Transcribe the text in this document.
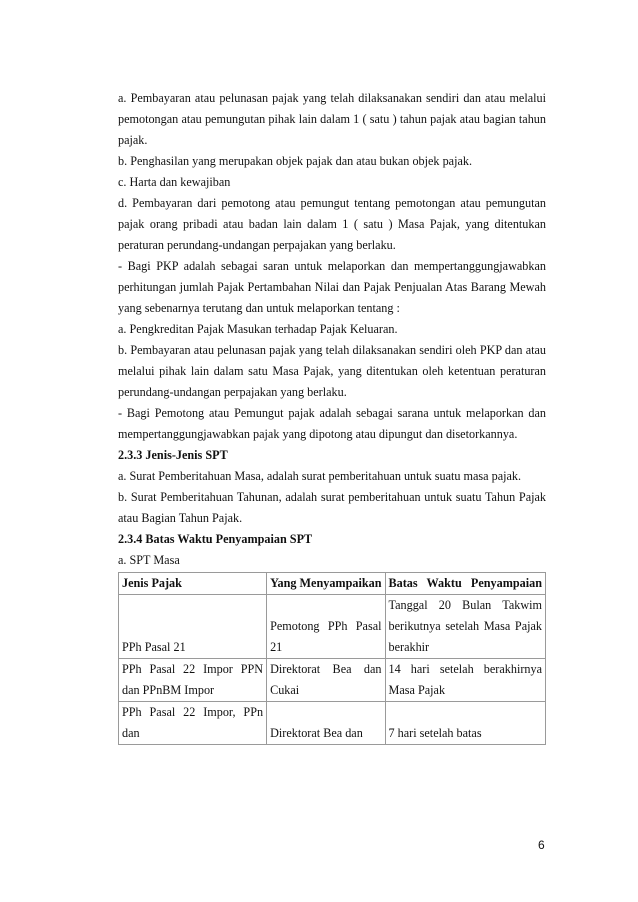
a. Pembayaran atau pelunasan pajak yang telah dilaksanakan sendiri dan atau melalui pemotongan atau pemungutan pihak lain dalam 1 ( satu ) tahun pajak atau bagian tahun pajak.

b. Penghasilan yang merupakan objek pajak dan atau bukan objek pajak.

c. Harta dan kewajiban

d. Pembayaran dari pemotong atau pemungut tentang pemotongan atau pemungutan pajak orang pribadi atau badan lain dalam 1 ( satu ) Masa Pajak, yang ditentukan peraturan perundang-undangan perpajakan yang berlaku.

- Bagi PKP adalah sebagai saran untuk melaporkan dan mempertanggungjawabkan perhitungan jumlah Pajak Pertambahan Nilai dan Pajak Penjualan Atas Barang Mewah yang sebenarnya terutang dan untuk melaporkan tentang :

a. Pengkreditan Pajak Masukan terhadap Pajak Keluaran.

b. Pembayaran atau pelunasan pajak yang telah dilaksanakan sendiri oleh PKP dan atau melalui pihak lain dalam satu Masa Pajak, yang ditentukan oleh ketentuan peraturan perundang-undangan perpajakan yang berlaku.

- Bagi Pemotong atau Pemungut pajak adalah sebagai sarana untuk melaporkan dan mempertanggungjawabkan pajak yang dipotong atau dipungut dan disetorkannya.

2.3.3 Jenis-Jenis SPT

a. Surat Pemberitahuan Masa, adalah surat pemberitahuan untuk suatu masa pajak.

b. Surat Pemberitahuan Tahunan, adalah surat pemberitahuan untuk suatu Tahun Pajak atau Bagian Tahun Pajak.

2.3.4 Batas Waktu Penyampaian SPT

a. SPT Masa

Jenis Pajak	Yang Menyampaikan	Batas Waktu Penyampaian
PPh Pasal 21	Pemotong PPh Pasal 21	Tanggal 20 Bulan Takwim berikutnya setelah Masa Pajak berakhir
PPh Pasal 22 Impor PPN dan PPnBM Impor	Direktorat Bea dan Cukai	14 hari setelah berakhirnya Masa Pajak
PPh Pasal 22 Impor, PPn dan	Direktorat Bea dan	7 hari setelah batas
6
